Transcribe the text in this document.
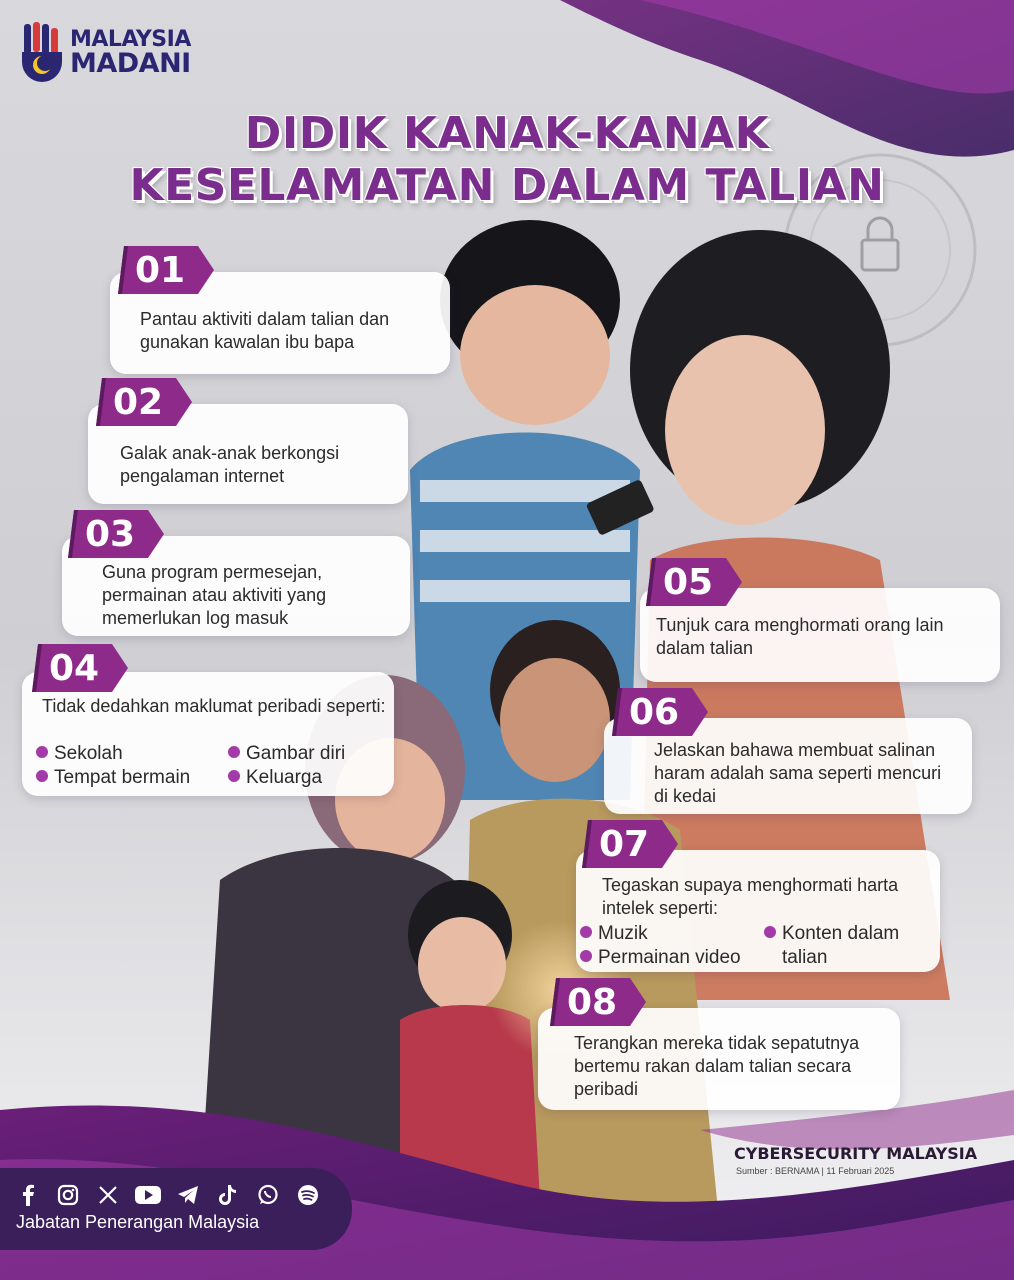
MALAYSIA
MADANI
DIDIK KANAK-KANAK
KESELAMATAN DALAM TALIAN
01
Pantau aktiviti dalam talian dan gunakan kawalan ibu bapa
02
Galak anak-anak berkongsi pengalaman internet
03
Guna program permesejan, permainan atau aktiviti yang memerlukan log masuk
04
Tidak dedahkan maklumat peribadi seperti:
Sekolah	Gambar diri
Tempat bermain	Keluarga
05
Tunjuk cara menghormati orang lain dalam talian
06
Jelaskan bahawa membuat salinan haram adalah sama seperti mencuri di kedai
07
Tegaskan supaya menghormati harta intelek seperti:
Muzik	Konten dalam
talian
Permainan video
08
Terangkan mereka tidak sepatutnya bertemu rakan dalam talian secara peribadi
CYBERSECURITY MALAYSIA
Sumber : BERNAMA | 11 Februari 2025
Jabatan Penerangan Malaysia
